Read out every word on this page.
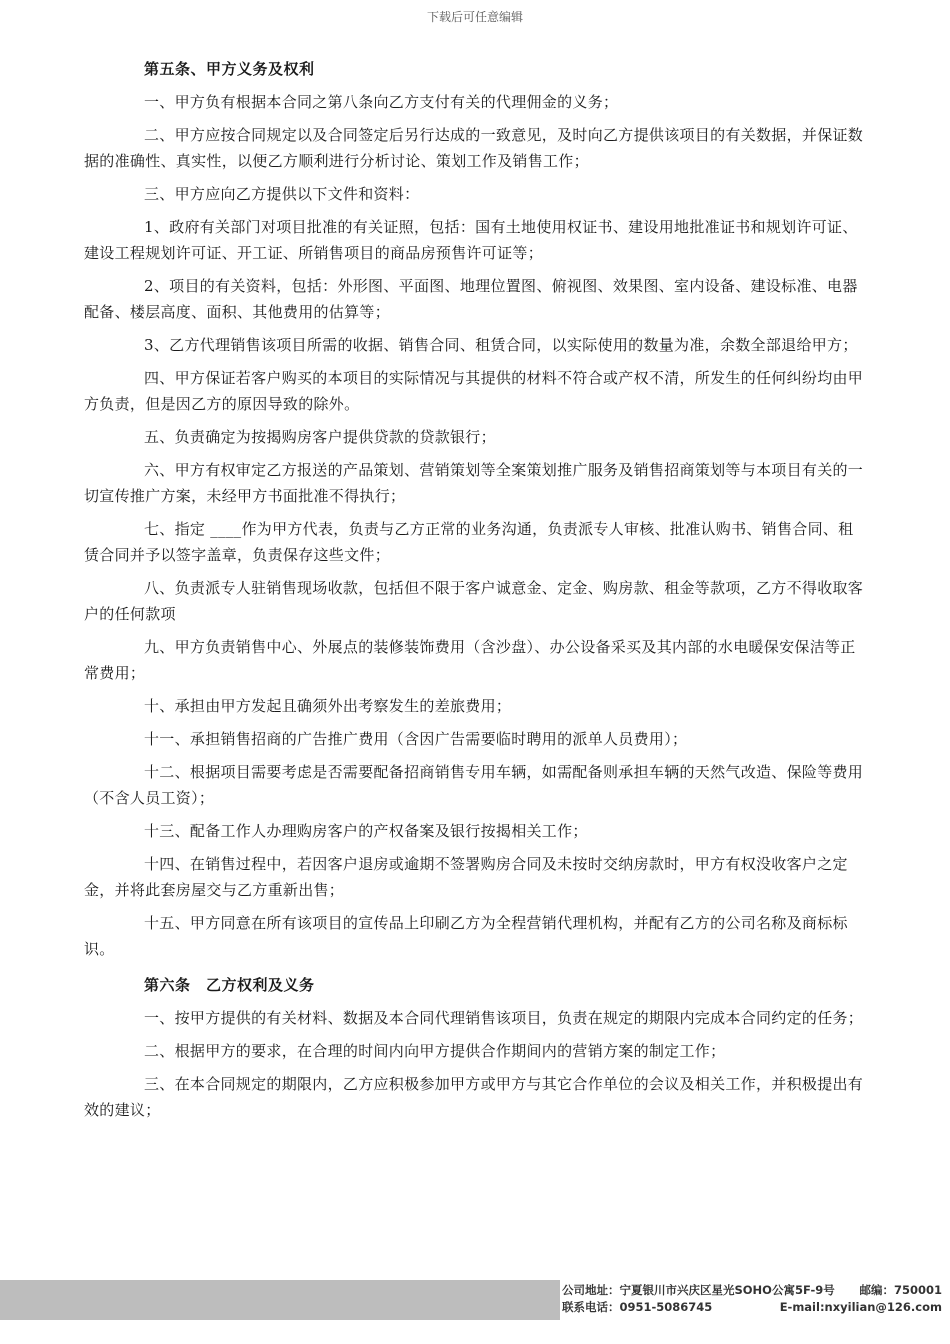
下载后可任意编辑
第五条、甲方义务及权利

一、甲方负有根据本合同之第八条向乙方支付有关的代理佣金的义务；

二、甲方应按合同规定以及合同签定后另行达成的一致意见，及时向乙方提供该项目的有关数据，并保证数据的准确性、真实性，以便乙方顺利进行分析讨论、策划工作及销售工作；

三、甲方应向乙方提供以下文件和资料：

1、政府有关部门对项目批准的有关证照，包括：国有土地使用权证书、建设用地批准证书和规划许可证、建设工程规划许可证、开工证、所销售项目的商品房预售许可证等；

2、项目的有关资料，包括：外形图、平面图、地理位置图、俯视图、效果图、室内设备、建设标准、电器配备、楼层高度、面积、其他费用的估算等；

3、乙方代理销售该项目所需的收据、销售合同、租赁合同，以实际使用的数量为准，余数全部退给甲方；

四、甲方保证若客户购买的本项目的实际情况与其提供的材料不符合或产权不清，所发生的任何纠纷均由甲方负责，但是因乙方的原因导致的除外。

五、负责确定为按揭购房客户提供贷款的贷款银行；

六、甲方有权审定乙方报送的产品策划、营销策划等全案策划推广服务及销售招商策划等与本项目有关的一切宣传推广方案，未经甲方书面批准不得执行；

七、指定 ____作为甲方代表，负责与乙方正常的业务沟通，负责派专人审核、批准认购书、销售合同、租赁合同并予以签字盖章，负责保存这些文件；

八、负责派专人驻销售现场收款，包括但不限于客户诚意金、定金、购房款、租金等款项，乙方不得收取客户的任何款项

九、甲方负责销售中心、外展点的装修装饰费用（含沙盘）、办公设备采买及其内部的水电暖保安保洁等正常费用；

十、承担由甲方发起且确须外出考察发生的差旅费用；

十一、承担销售招商的广告推广费用（含因广告需要临时聘用的派单人员费用）；

十二、根据项目需要考虑是否需要配备招商销售专用车辆，如需配备则承担车辆的天然气改造、保险等费用（不含人员工资）；

十三、配备工作人办理购房客户的产权备案及银行按揭相关工作；

十四、在销售过程中，若因客户退房或逾期不签署购房合同及未按时交纳房款时，甲方有权没收客户之定金，并将此套房屋交与乙方重新出售；

十五、甲方同意在所有该项目的宣传品上印刷乙方为全程营销代理机构，并配有乙方的公司名称及商标标识。

第六条　乙方权利及义务

一、按甲方提供的有关材料、数据及本合同代理销售该项目，负责在规定的期限内完成本合同约定的任务；

二、根据甲方的要求，在合理的时间内向甲方提供合作期间内的营销方案的制定工作；

三、在本合同规定的期限内，乙方应积极参加甲方或甲方与其它合作单位的会议及相关工作，并积极提出有效的建议；

公司地址：宁夏银川市兴庆区星光SOHO公寓5F-9号 邮编：750001
联系电话：0951-5086745	E-mail:nxyilian@126.com
